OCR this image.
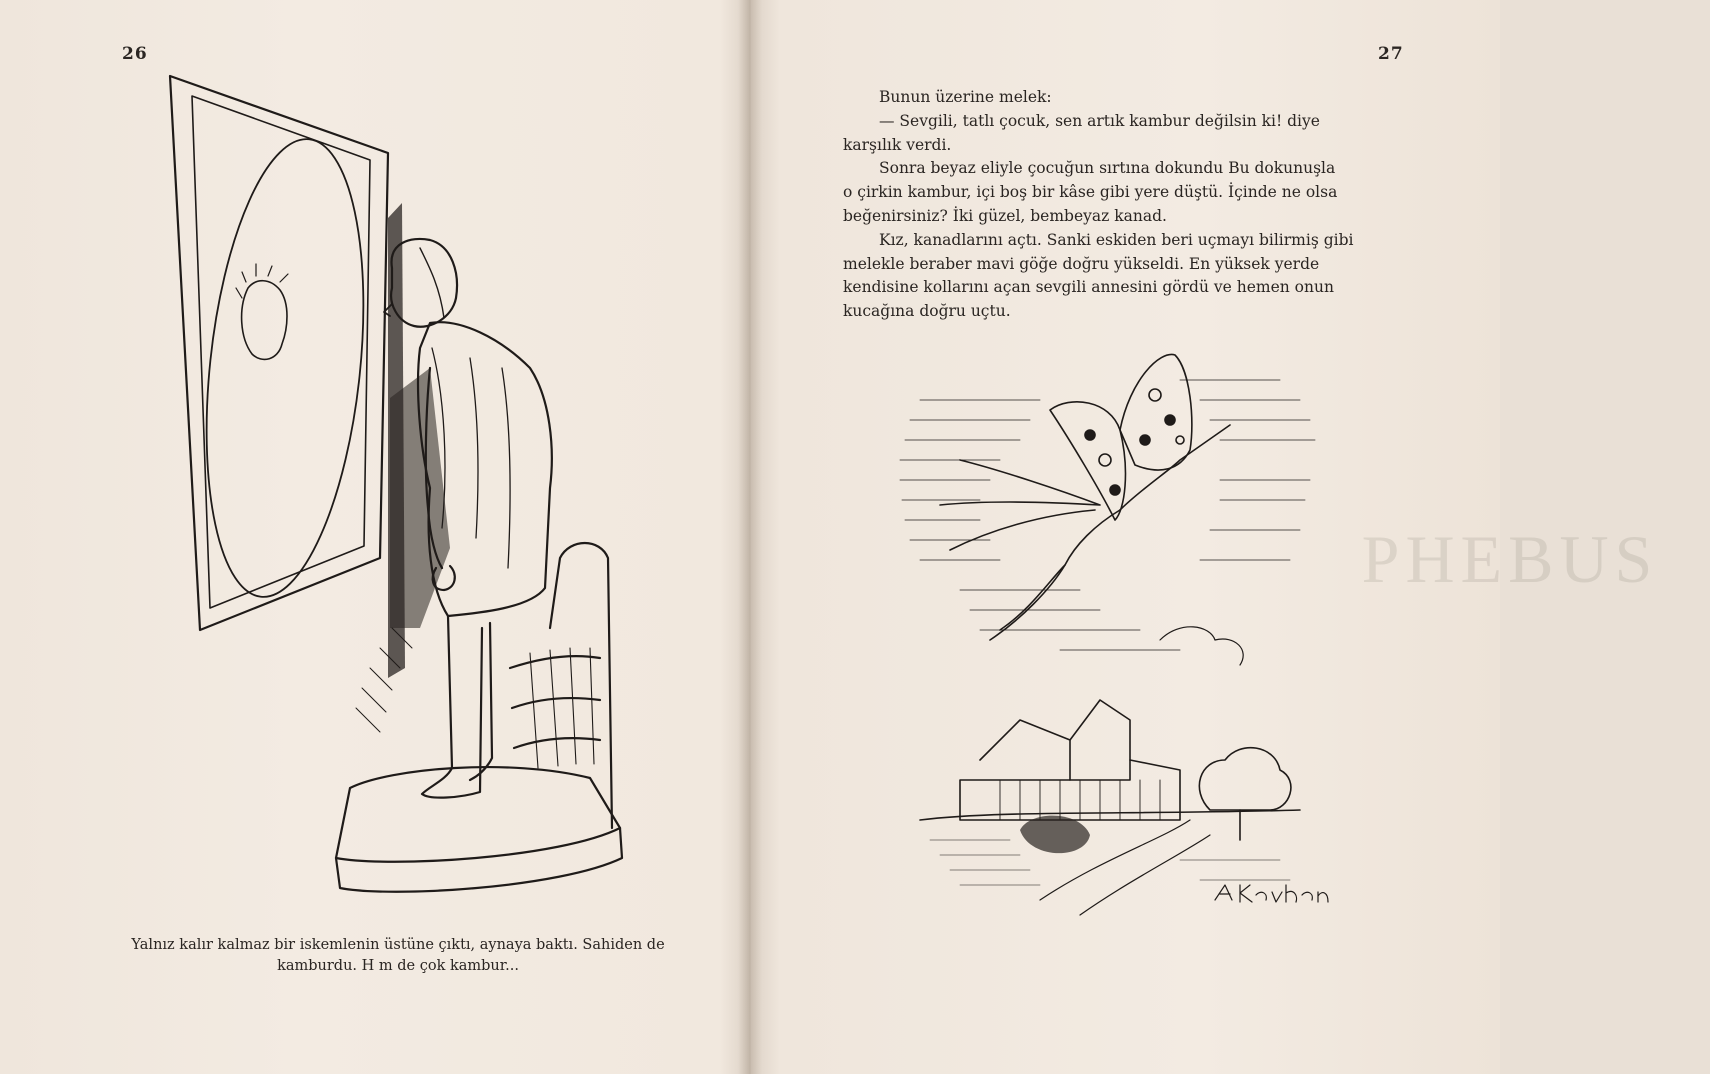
26
Yalnız kalır kalmaz bir iskemlenin üstüne çıktı, aynaya baktı. Sahiden de
kamburdu. H m de çok kambur...
27
Bunun üzerine melek:
— Sevgili, tatlı çocuk, sen artık kambur değilsin ki! diye
karşılık verdi.
Sonra beyaz eliyle çocuğun sırtına dokundu Bu dokunuşla
o çirkin kambur, içi boş bir kâse gibi yere düştü. İçinde ne olsa
beğenirsiniz? İki güzel, bembeyaz kanad.
Kız, kanadlarını açtı. Sanki eskiden beri uçmayı bilirmiş gibi
melekle beraber mavi göğe doğru yükseldi. En yüksek yerde
kendisine kollarını açan sevgili annesini gördü ve hemen onun
kucağına doğru uçtu.
PHEBUS
